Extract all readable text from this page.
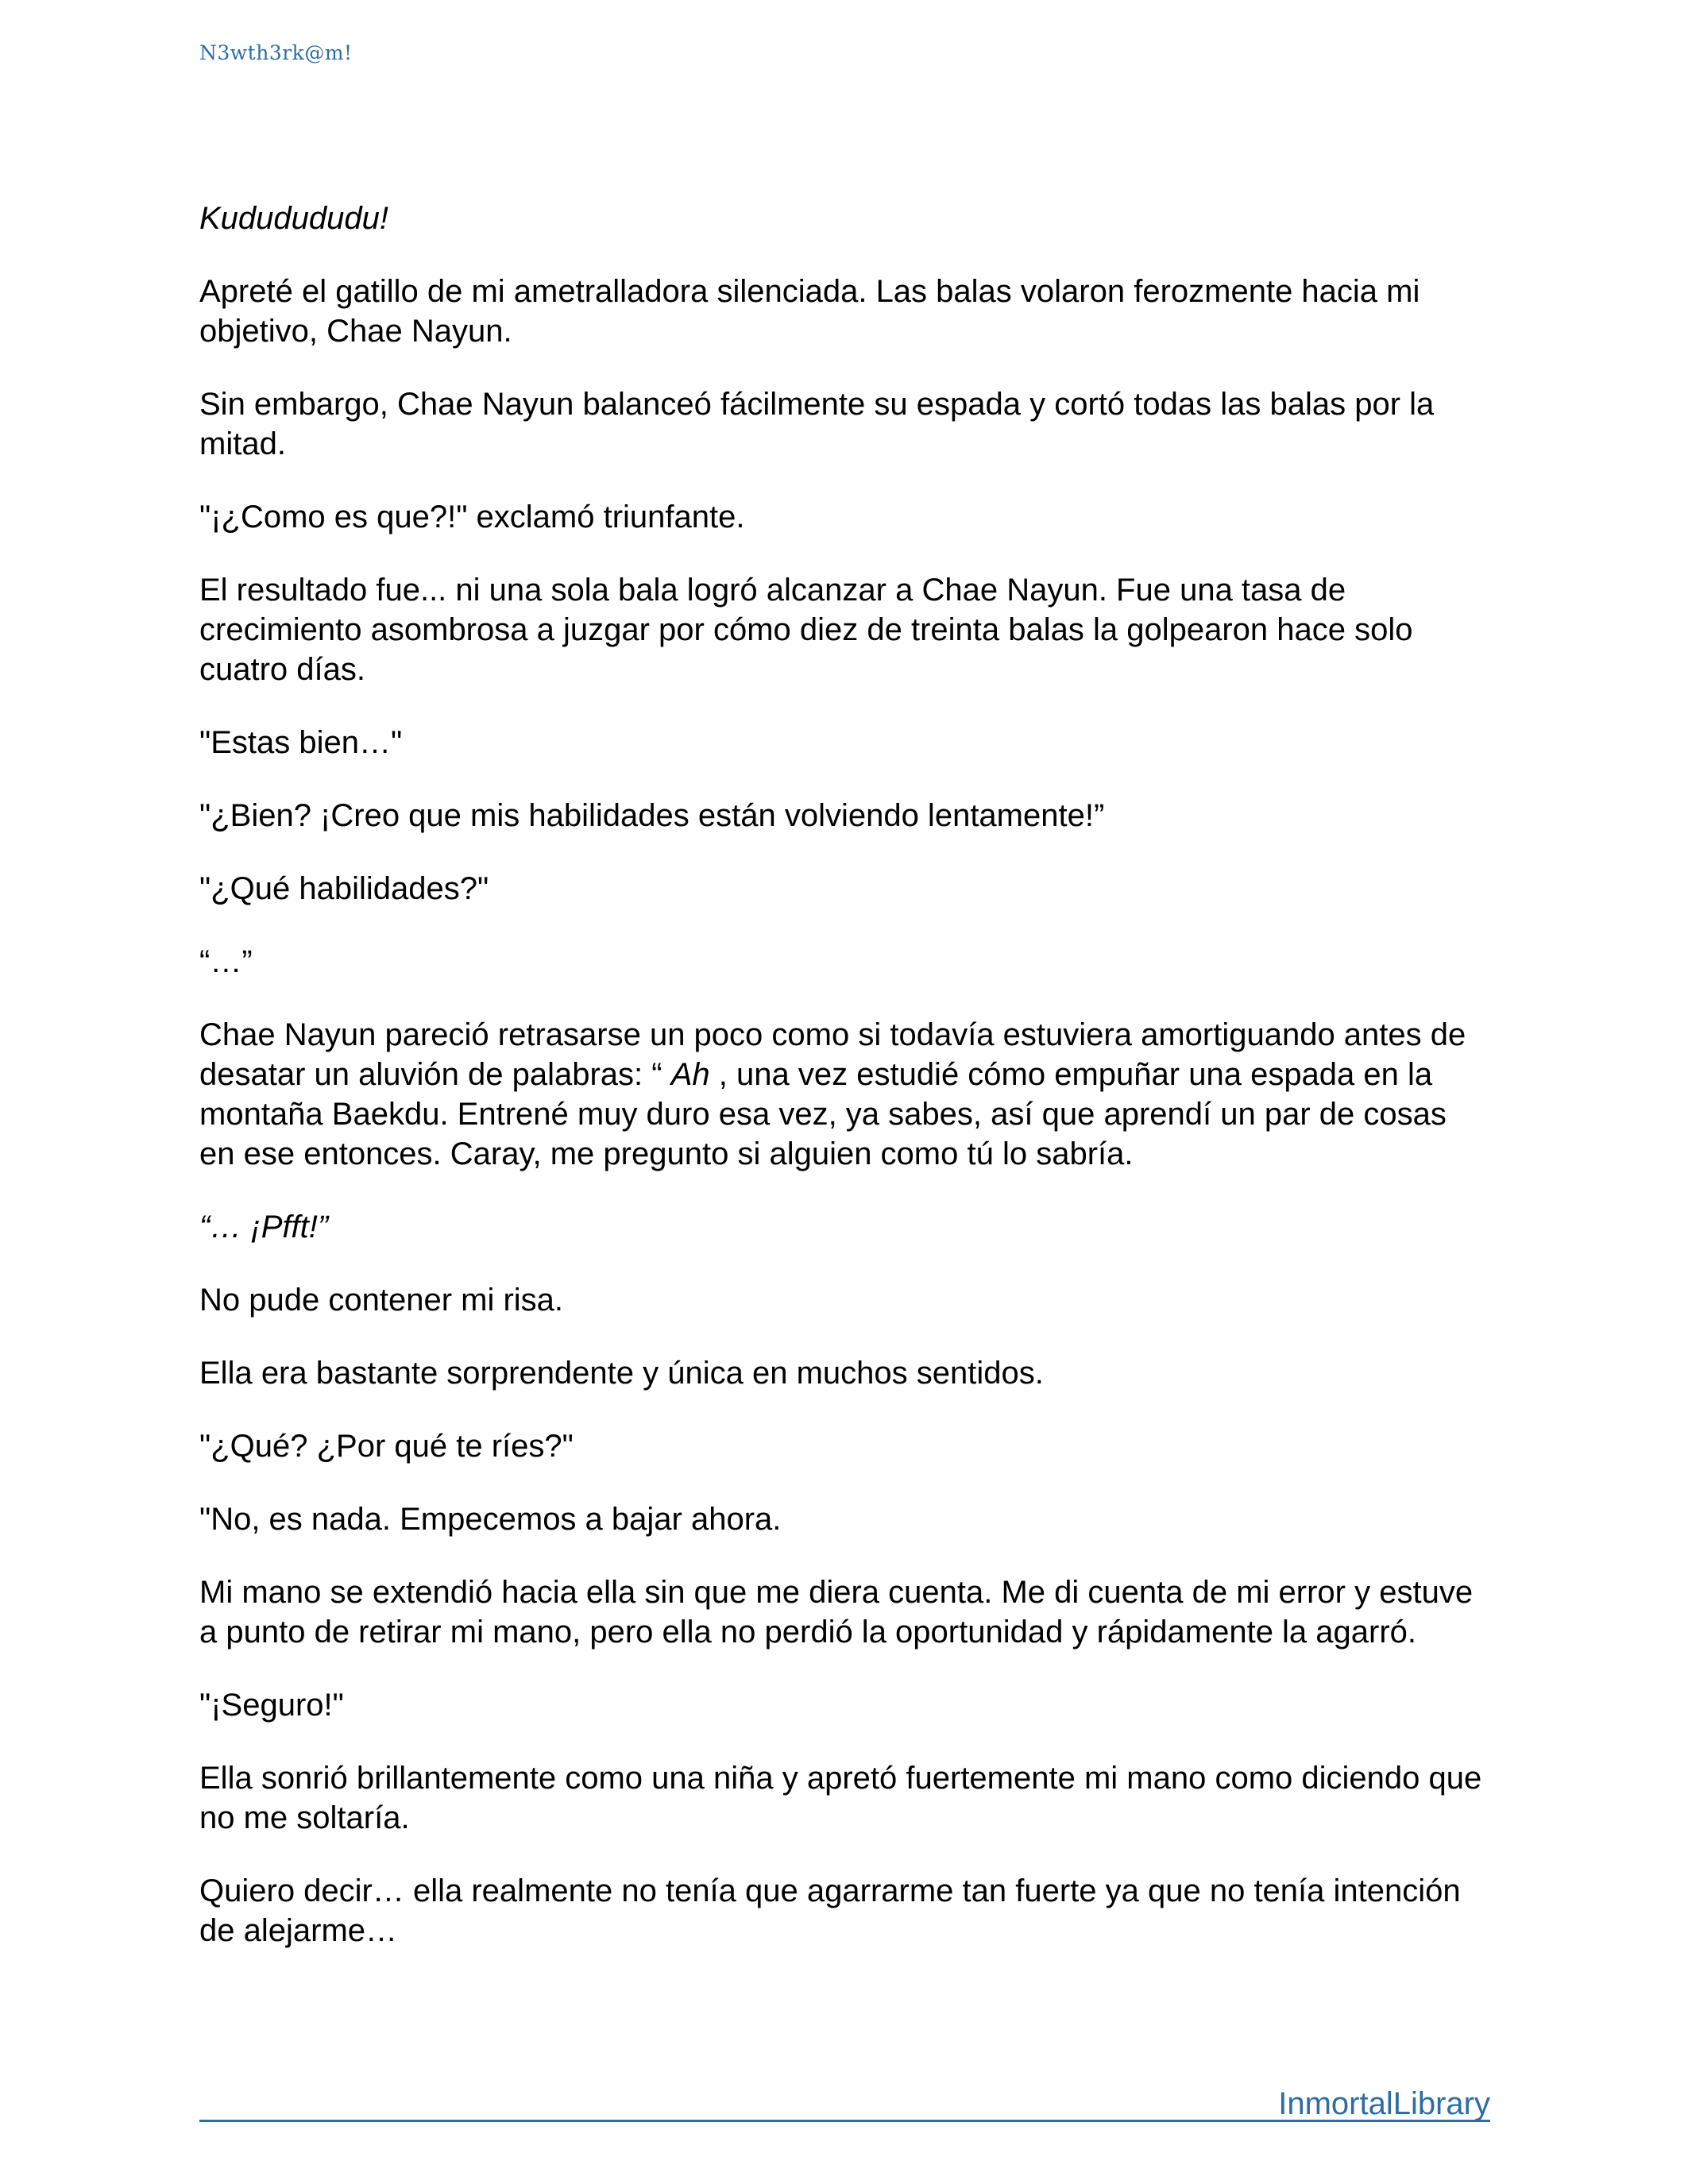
N3wth3rk@m!

Kududududu!

Apreté el gatillo de mi ametralladora silenciada. Las balas volaron ferozmente hacia mi objetivo, Chae Nayun.

Sin embargo, Chae Nayun balanceó fácilmente su espada y cortó todas las balas por la mitad.

"¡¿Como es que?!" exclamó triunfante.

El resultado fue... ni una sola bala logró alcanzar a Chae Nayun. Fue una tasa de crecimiento asombrosa a juzgar por cómo diez de treinta balas la golpearon hace solo cuatro días.

"Estas bien…"

"¿Bien? ¡Creo que mis habilidades están volviendo lentamente!”

"¿Qué habilidades?"

“…”

Chae Nayun pareció retrasarse un poco como si todavía estuviera amortiguando antes de desatar un aluvión de palabras: “ Ah , una vez estudié cómo empuñar una espada en la montaña Baekdu. Entrené muy duro esa vez, ya sabes, así que aprendí un par de cosas en ese entonces. Caray, me pregunto si alguien como tú lo sabría.

“… ¡Pfft!”

No pude contener mi risa.

Ella era bastante sorprendente y única en muchos sentidos.

"¿Qué? ¿Por qué te ríes?"

"No, es nada. Empecemos a bajar ahora.

Mi mano se extendió hacia ella sin que me diera cuenta. Me di cuenta de mi error y estuve a punto de retirar mi mano, pero ella no perdió la oportunidad y rápidamente la agarró.

"¡Seguro!"

Ella sonrió brillantemente como una niña y apretó fuertemente mi mano como diciendo que no me soltaría.

Quiero decir… ella realmente no tenía que agarrarme tan fuerte ya que no tenía intención de alejarme…

InmortalLibrary
